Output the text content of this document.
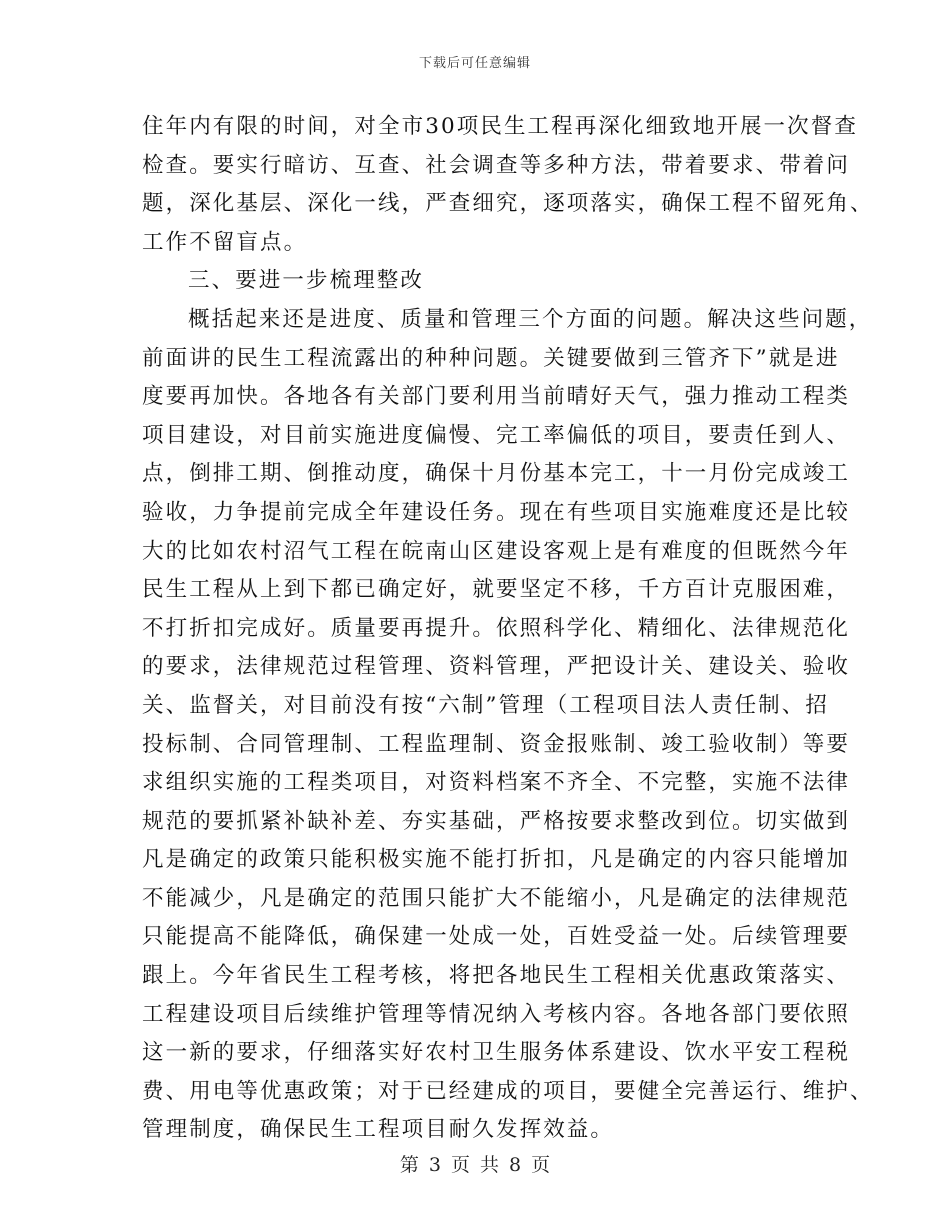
下载后可任意编辑
住年内有限的时间，对全市30项民生工程再深化细致地开展一次督查
检查。要实行暗访、互查、社会调查等多种方法，带着要求、带着问
题，深化基层、深化一线，严查细究，逐项落实，确保工程不留死角、
工作不留盲点。
三、要进一步梳理整改
概括起来还是进度、质量和管理三个方面的问题。解决这些问题，
前面讲的民生工程流露出的种种问题。关键要做到三管齐下”就是进
度要再加快。各地各有关部门要利用当前晴好天气，强力推动工程类
项目建设，对目前实施进度偏慢、完工率偏低的项目，要责任到人、
点，倒排工期、倒推动度，确保十月份基本完工，十一月份完成竣工
验收，力争提前完成全年建设任务。现在有些项目实施难度还是比较
大的比如农村沼气工程在皖南山区建设客观上是有难度的但既然今年
民生工程从上到下都已确定好，就要坚定不移，千方百计克服困难，
不打折扣完成好。质量要再提升。依照科学化、精细化、法律规范化
的要求，法律规范过程管理、资料管理，严把设计关、建设关、验收
关、监督关，对目前没有按“六制”管理（工程项目法人责任制、招
投标制、合同管理制、工程监理制、资金报账制、竣工验收制）等要
求组织实施的工程类项目，对资料档案不齐全、不完整，实施不法律
规范的要抓紧补缺补差、夯实基础，严格按要求整改到位。切实做到
凡是确定的政策只能积极实施不能打折扣，凡是确定的内容只能增加
不能减少，凡是确定的范围只能扩大不能缩小，凡是确定的法律规范
只能提高不能降低，确保建一处成一处，百姓受益一处。后续管理要
跟上。今年省民生工程考核，将把各地民生工程相关优惠政策落实、
工程建设项目后续维护管理等情况纳入考核内容。各地各部门要依照
这一新的要求，仔细落实好农村卫生服务体系建设、饮水平安工程税
费、用电等优惠政策；对于已经建成的项目，要健全完善运行、维护、
管理制度，确保民生工程项目耐久发挥效益。
第 3 页 共 8 页
